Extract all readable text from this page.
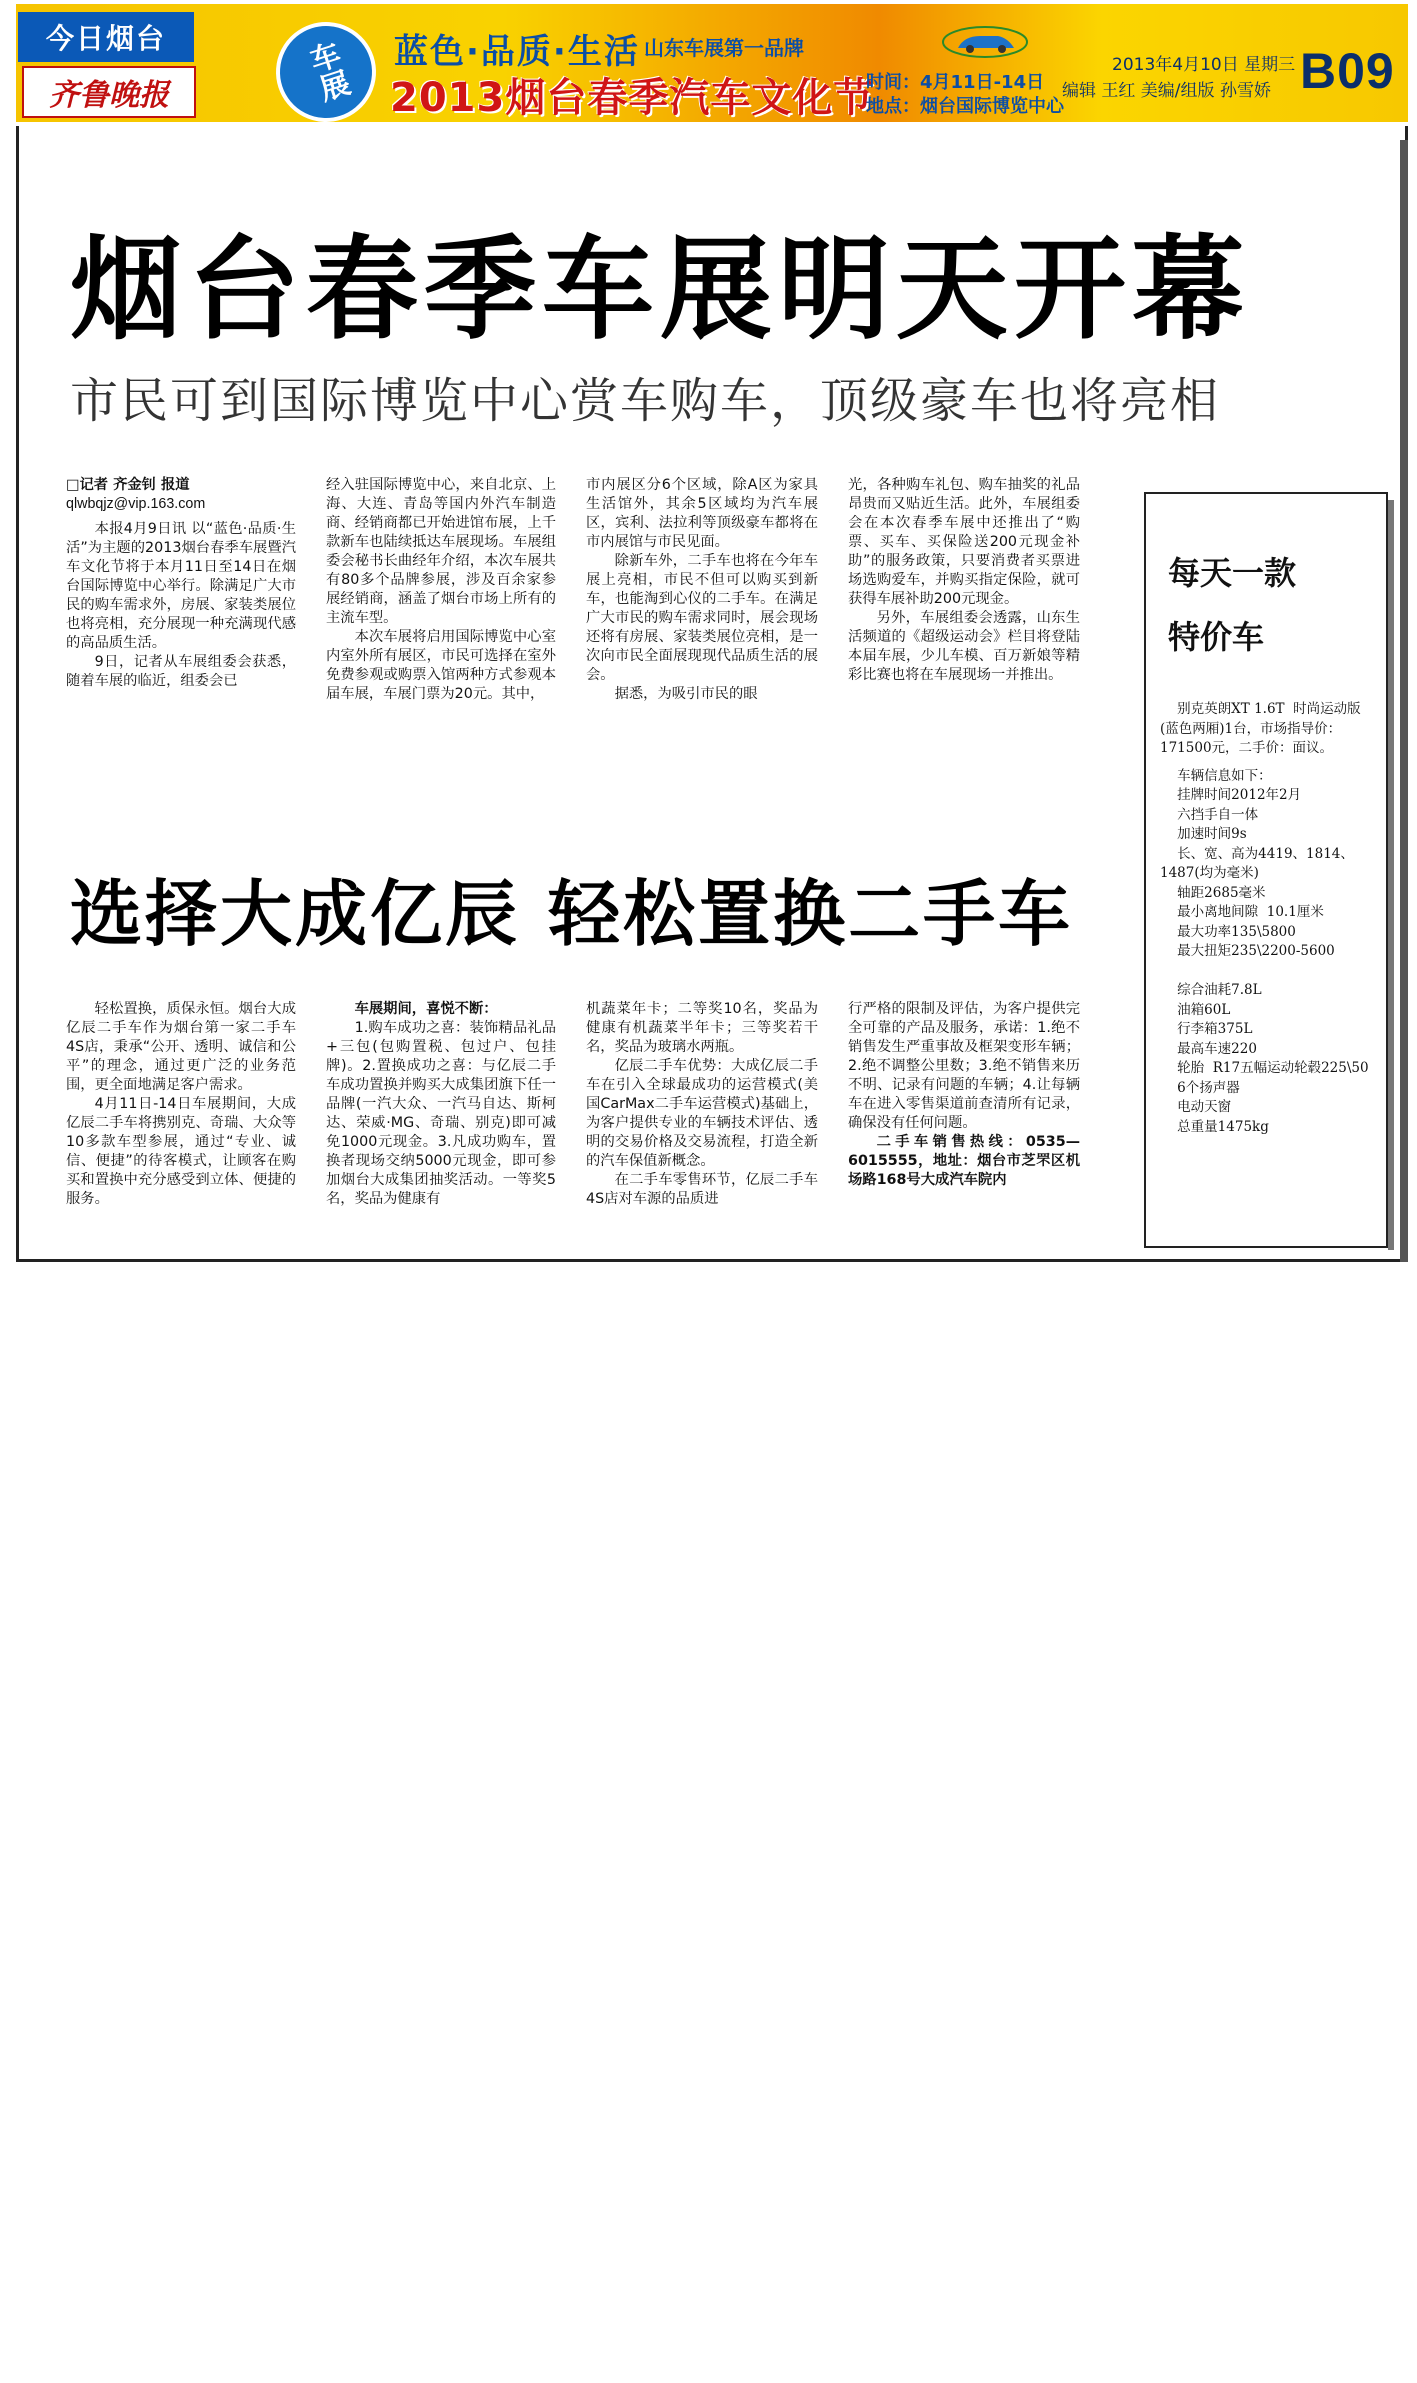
今日烟台
齐鲁晚报	车展	蓝色·品质·生活 山东车展第一品牌
2013烟台春季汽车文化节
时间：4月11日-14日
地点：烟台国际博览中心
2013年4月10日 星期三
编辑 王红 美编/组版 孙雪娇 B09
烟台春季车展明天开幕
市民可到国际博览中心赏车购车，顶级豪车也将亮相

□记者 齐金钊 报道

qlwbqjz@vip.163.com

本报4月9日讯 以“蓝色·品质·生活”为主题的2013烟台春季车展暨汽车文化节将于本月11日至14日在烟台国际博览中心举行。除满足广大市民的购车需求外，房展、家装类展位也将亮相，充分展现一种充满现代感的高品质生活。

9日，记者从车展组委会获悉，随着车展的临近，组委会已

经入驻国际博览中心，来自北京、上海、大连、青岛等国内外汽车制造商、经销商都已开始进馆布展，上千款新车也陆续抵达车展现场。车展组委会秘书长曲经年介绍，本次车展共有80多个品牌参展，涉及百余家参展经销商，涵盖了烟台市场上所有的主流车型。

本次车展将启用国际博览中心室内室外所有展区，市民可选择在室外免费参观或购票入馆两种方式参观本届车展，车展门票为20元。其中，

市内展区分6个区域，除A区为家具生活馆外，其余5区域均为汽车展区，宾利、法拉利等顶级豪车都将在市内展馆与市民见面。

除新车外，二手车也将在今年车展上亮相，市民不但可以购买到新车，也能淘到心仪的二手车。在满足广大市民的购车需求同时，展会现场还将有房展、家装类展位亮相，是一次向市民全面展现现代品质生活的展会。

据悉，为吸引市民的眼

光，各种购车礼包、购车抽奖的礼品昂贵而又贴近生活。此外，车展组委会在本次春季车展中还推出了“购票、买车、买保险送200元现金补助”的服务政策，只要消费者买票进场选购爱车，并购买指定保险，就可获得车展补助200元现金。

另外，车展组委会透露，山东生活频道的《超级运动会》栏目将登陆本届车展，少儿车模、百万新娘等精彩比赛也将在车展现场一并推出。

选择大成亿辰 轻松置换二手车

轻松置换，质保永恒。烟台大成亿辰二手车作为烟台第一家二手车4S店，秉承“公开、透明、诚信和公平”的理念，通过更广泛的业务范围，更全面地满足客户需求。

4月11日-14日车展期间，大成亿辰二手车将携别克、奇瑞、大众等10多款车型参展，通过“专业、诚信、便捷”的待客模式，让顾客在购买和置换中充分感受到立体、便捷的服务。

车展期间，喜悦不断：

1.购车成功之喜：装饰精品礼品+三包(包购置税、包过户、包挂牌)。2.置换成功之喜：与亿辰二手车成功置换并购买大成集团旗下任一品牌(一汽大众、一汽马自达、斯柯达、荣威·MG、奇瑞、别克)即可减免1000元现金。3.凡成功购车，置换者现场交纳5000元现金，即可参加烟台大成集团抽奖活动。一等奖5名，奖品为健康有

机蔬菜年卡；二等奖10名，奖品为健康有机蔬菜半年卡；三等奖若干名，奖品为玻璃水两瓶。

亿辰二手车优势：大成亿辰二手车在引入全球最成功的运营模式(美国CarMax二手车运营模式)基础上，为客户提供专业的车辆技术评估、透明的交易价格及交易流程，打造全新的汽车保值新概念。

在二手车零售环节，亿辰二手车4S店对车源的品质进

行严格的限制及评估，为客户提供完全可靠的产品及服务，承诺：1.绝不销售发生严重事故及框架变形车辆；2.绝不调整公里数；3.绝不销售来历不明、记录有问题的车辆；4.让每辆车在进入零售渠道前查清所有记录，确保没有任何问题。

二手车销售热线：0535—6015555，地址：烟台市芝罘区机场路168号大成汽车院内

每天一款
特价车
别克英朗XT 1.6T  时尚运动版(蓝色两厢)1台，市场指导价：171500元，二手价：面议。
车辆信息如下：
挂牌时间2012年2月
六挡手自一体
加速时间9s
长、宽、高为4419、1814、1487(均为毫米)
轴距2685毫米
最小离地间隙  10.1厘米
最大功率135\5800
最大扭矩235\2200-5600

综合油耗7.8L
油箱60L
行李箱375L
最高车速220
轮胎  R17五幅运动轮毂225\50
6个扬声器
电动天窗
总重量1475kg
